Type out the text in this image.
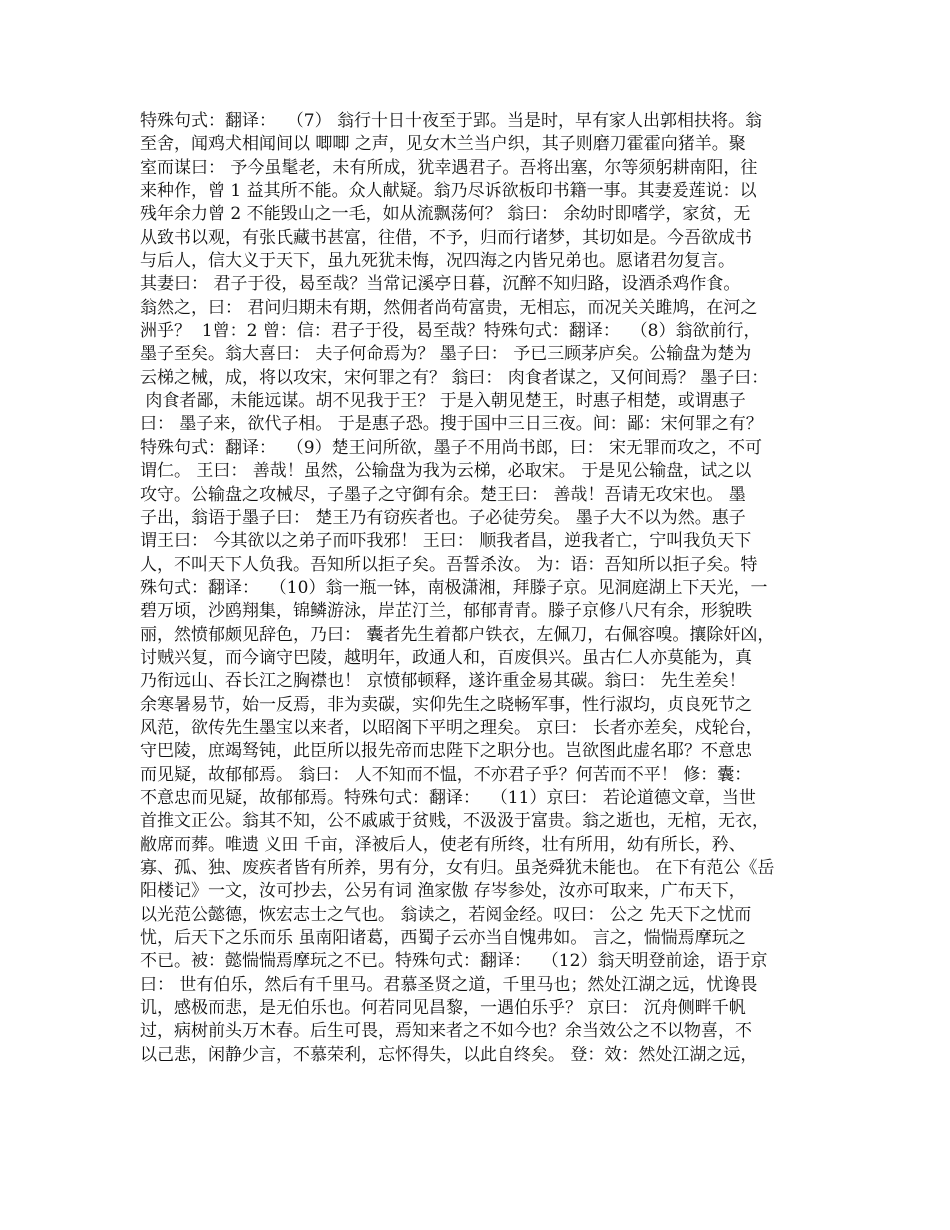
特殊句式：翻译：  （7） 翁行十日十夜至于郢。当是时，早有家人出郭相扶将。翁
至舍，闻鸡犬相闻间以 唧唧 之声，见女木兰当户织，其子则磨刀霍霍向猪羊。聚
室而谋曰： 予今虽髦老，未有所成，犹幸遇君子。吾将出塞，尔等须躬耕南阳，往
来种作，曾 1 益其所不能。众人献疑。翁乃尽诉欲板印书籍一事。其妻爰莲说：以
残年余力曾 2 不能毁山之一毛，如从流飘荡何？ 翁曰： 余幼时即嗜学，家贫，无
从致书以观，有张氏藏书甚富，往借，不予，归而行诸梦，其切如是。今吾欲成书
与后人，信大义于天下，虽九死犹未悔，况四海之内皆兄弟也。愿诸君勿复言。
其妻曰： 君子于役，曷至哉？当常记溪亭日暮，沉醉不知归路，设酒杀鸡作食。
翁然之，曰： 君问归期未有期，然佣者尚苟富贵，无相忘，而况关关雎鸠，在河之
洲乎？  1曾：2 曾：信：君子于役，曷至哉？特殊句式：翻译：  （8）翁欲前行，
墨子至矣。翁大喜曰： 夫子何命焉为？ 墨子曰： 予已三顾茅庐矣。公输盘为楚为
云梯之械，成，将以攻宋，宋何罪之有？ 翁曰： 肉食者谋之，又何间焉？ 墨子曰：
肉食者鄙，未能远谋。胡不见我于王？ 于是入朝见楚王，时惠子相楚，或谓惠子
曰： 墨子来，欲代子相。 于是惠子恐。搜于国中三日三夜。间：鄙：宋何罪之有？
特殊句式：翻译：  （9）楚王问所欲，墨子不用尚书郎，曰： 宋无罪而攻之，不可
谓仁。 王曰： 善哉！虽然，公输盘为我为云梯，必取宋。 于是见公输盘，试之以
攻守。公输盘之攻械尽，子墨子之守御有余。楚王曰： 善哉！吾请无攻宋也。 墨
子出，翁语于墨子曰： 楚王乃有窃疾者也。子必徒劳矣。 墨子大不以为然。惠子
谓王曰： 今其欲以之弟子而吓我邪！ 王曰： 顺我者昌，逆我者亡，宁叫我负天下
人，不叫天下人负我。吾知所以拒子矣。吾誓杀汝。 为：语：吾知所以拒子矣。特
殊句式：翻译：  （10）翁一瓶一钵，南极潇湘，拜滕子京。见洞庭湖上下天光，一
碧万顷，沙鸥翔集，锦鳞游泳，岸芷汀兰，郁郁青青。滕子京修八尺有余，形貌昳
丽，然愤郁颇见辞色，乃曰： 囊者先生着都户铁衣，左佩刀，右佩容嗅。攘除奸凶，
讨贼兴复，而今谪守巴陵，越明年，政通人和，百废俱兴。虽古仁人亦莫能为，真
乃衔远山、吞长江之胸襟也！ 京愤郁顿释，遂许重金易其碳。翁曰： 先生差矣！
余寒暑易节，始一反焉，非为卖碳，实仰先生之晓畅军事，性行淑均，贞良死节之
风范，欲传先生墨宝以来者，以昭阁下平明之理矣。 京曰： 长者亦差矣，戍轮台，
守巴陵，庶竭驽钝，此臣所以报先帝而忠陛下之职分也。岂欲图此虚名耶？不意忠
而见疑，故郁郁焉。 翁曰： 人不知而不愠，不亦君子乎？何苦而不平！ 修：囊：
不意忠而见疑，故郁郁焉。特殊句式：翻译：  （11）京曰： 若论道德文章，当世
首推文正公。翁其不知，公不戚戚于贫贱，不汲汲于富贵。翁之逝也，无棺，无衣，
敝席而葬。唯遗 义田 千亩，泽被后人，使老有所终，壮有所用，幼有所长，矜、
寡、孤、独、废疾者皆有所养，男有分，女有归。虽尧舜犹未能也。 在下有范公《岳
阳楼记》一文，汝可抄去，公另有词 渔家傲 存岑参处，汝亦可取来，广布天下，
以光范公懿德，恢宏志士之气也。 翁读之，若阅金经。叹曰： 公之 先天下之忧而
忧，后天下之乐而乐 虽南阳诸葛，西蜀子云亦当自愧弗如。 言之，惴惴焉摩玩之
不已。被：懿惴惴焉摩玩之不已。特殊句式：翻译：  （12）翁天明登前途，语于京
曰： 世有伯乐，然后有千里马。君慕圣贤之道，千里马也；然处江湖之远，忧谗畏
讥，感极而悲，是无伯乐也。何若同见昌黎，一遇伯乐乎？ 京曰： 沉舟侧畔千帆
过，病树前头万木春。后生可畏，焉知来者之不如今也？余当效公之不以物喜，不
以己悲，闲静少言，不慕荣利，忘怀得失，以此自终矣。 登：效：然处江湖之远，
